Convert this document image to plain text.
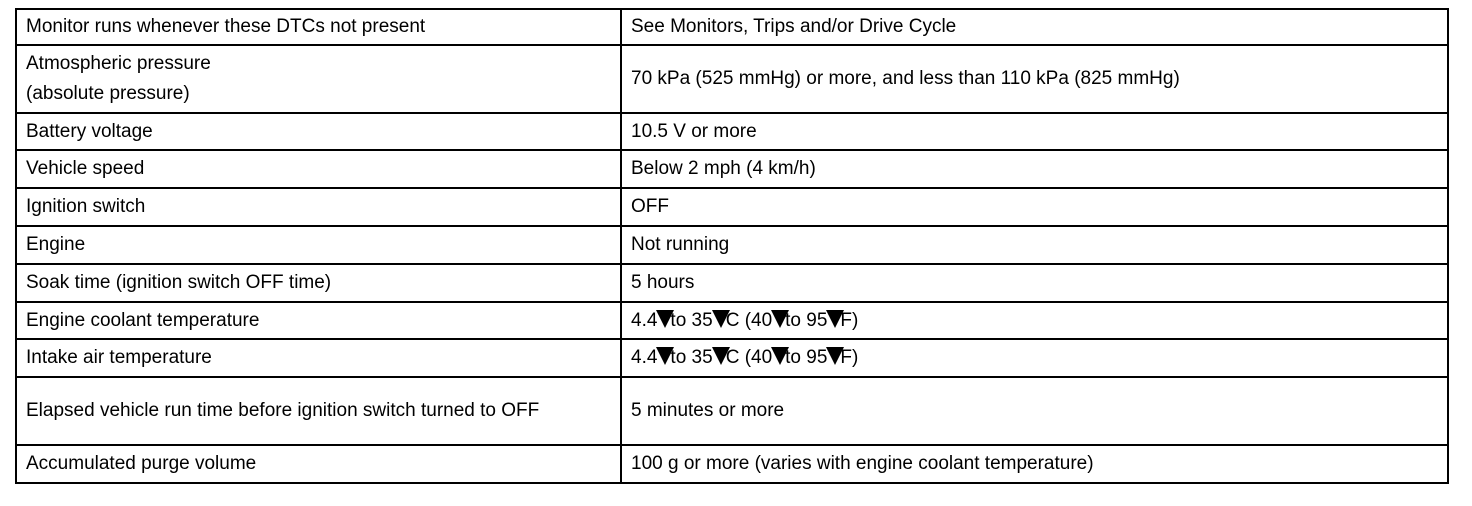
Monitor runs whenever these DTCs not present	See Monitors, Trips and/or Drive Cycle
Atmospheric pressure
(absolute pressure)	70 kPa (525 mmHg) or more, and less than 110 kPa (825 mmHg)
Battery voltage	10.5 V or more
Vehicle speed	Below 2 mph (4 km/h)
Ignition switch	OFF
Engine	Not running
Soak time (ignition switch OFF time)	5 hours
Engine coolant temperature	4.4 to 35 C (40 to 95 F)
Intake air temperature	4.4 to 35 C (40 to 95 F)
Elapsed vehicle run time before ignition switch turned to OFF	5 minutes or more
Accumulated purge volume	100 g or more (varies with engine coolant temperature)
